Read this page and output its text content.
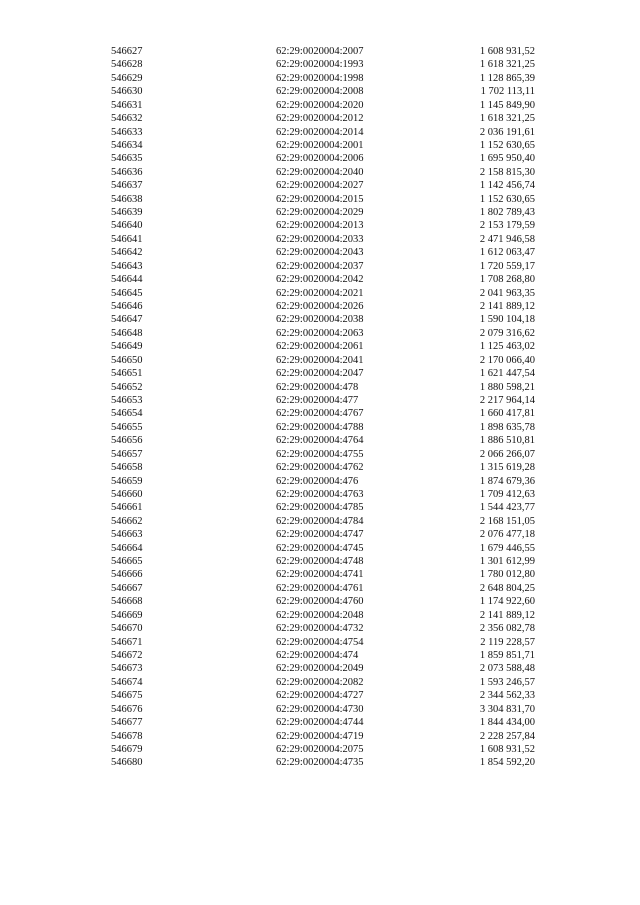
546627	62:29:0020004:2007	1 608 931,52
546628	62:29:0020004:1993	1 618 321,25
546629	62:29:0020004:1998	1 128 865,39
546630	62:29:0020004:2008	1 702 113,11
546631	62:29:0020004:2020	1 145 849,90
546632	62:29:0020004:2012	1 618 321,25
546633	62:29:0020004:2014	2 036 191,61
546634	62:29:0020004:2001	1 152 630,65
546635	62:29:0020004:2006	1 695 950,40
546636	62:29:0020004:2040	2 158 815,30
546637	62:29:0020004:2027	1 142 456,74
546638	62:29:0020004:2015	1 152 630,65
546639	62:29:0020004:2029	1 802 789,43
546640	62:29:0020004:2013	2 153 179,59
546641	62:29:0020004:2033	2 471 946,58
546642	62:29:0020004:2043	1 612 063,47
546643	62:29:0020004:2037	1 720 559,17
546644	62:29:0020004:2042	1 708 268,80
546645	62:29:0020004:2021	2 041 963,35
546646	62:29:0020004:2026	2 141 889,12
546647	62:29:0020004:2038	1 590 104,18
546648	62:29:0020004:2063	2 079 316,62
546649	62:29:0020004:2061	1 125 463,02
546650	62:29:0020004:2041	2 170 066,40
546651	62:29:0020004:2047	1 621 447,54
546652	62:29:0020004:478	1 880 598,21
546653	62:29:0020004:477	2 217 964,14
546654	62:29:0020004:4767	1 660 417,81
546655	62:29:0020004:4788	1 898 635,78
546656	62:29:0020004:4764	1 886 510,81
546657	62:29:0020004:4755	2 066 266,07
546658	62:29:0020004:4762	1 315 619,28
546659	62:29:0020004:476	1 874 679,36
546660	62:29:0020004:4763	1 709 412,63
546661	62:29:0020004:4785	1 544 423,77
546662	62:29:0020004:4784	2 168 151,05
546663	62:29:0020004:4747	2 076 477,18
546664	62:29:0020004:4745	1 679 446,55
546665	62:29:0020004:4748	1 301 612,99
546666	62:29:0020004:4741	1 780 012,80
546667	62:29:0020004:4761	2 648 804,25
546668	62:29:0020004:4760	1 174 922,60
546669	62:29:0020004:2048	2 141 889,12
546670	62:29:0020004:4732	2 356 082,78
546671	62:29:0020004:4754	2 119 228,57
546672	62:29:0020004:474	1 859 851,71
546673	62:29:0020004:2049	2 073 588,48
546674	62:29:0020004:2082	1 593 246,57
546675	62:29:0020004:4727	2 344 562,33
546676	62:29:0020004:4730	3 304 831,70
546677	62:29:0020004:4744	1 844 434,00
546678	62:29:0020004:4719	2 228 257,84
546679	62:29:0020004:2075	1 608 931,52
546680	62:29:0020004:4735	1 854 592,20
